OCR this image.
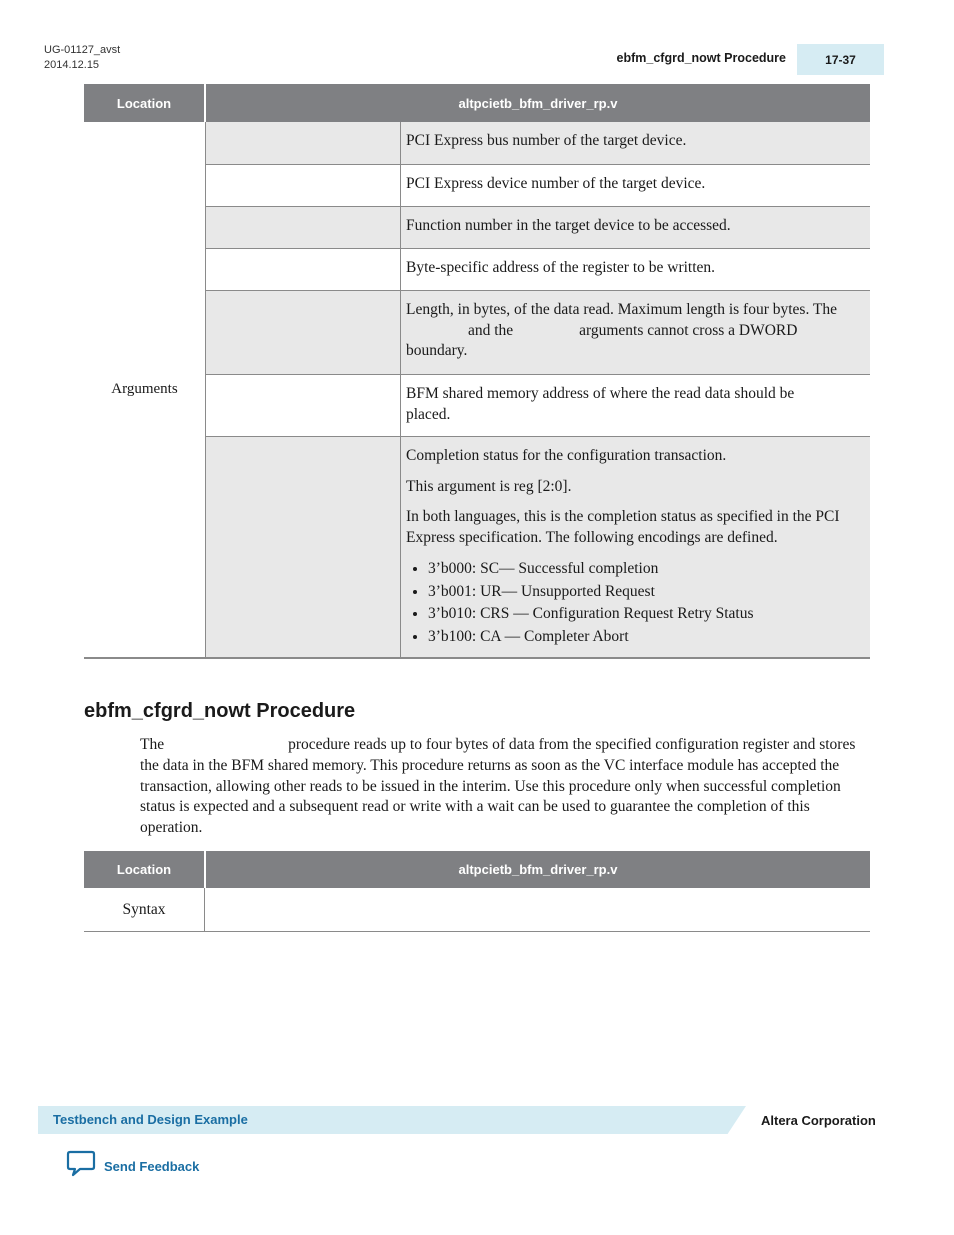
UG-01127_avst
2014.12.15	ebfm_cfgrd_nowt Procedure	17-37
Location	altpcietb_bfm_driver_rp.v
Arguments
PCI Express bus number of the target device.
PCI Express device number of the target device.
Function number in the target device to be accessed.
Byte-specific address of the register to be written.
Length, in bytes, of the data read. Maximum length is four bytes. The                 and the                 arguments cannot cross a DWORD boundary.
BFM shared memory address of where the read data should be placed.

Completion status for the configuration transaction.

This argument is reg [2:0].

In both languages, this is the completion status as specified in the PCI Express specification. The following encodings are defined.

• 3’b000: SC— Successful completion
• 3’b001: UR— Unsupported Request
• 3’b010: CRS — Configuration Request Retry Status
• 3’b100: CA — Completer Abort
ebfm_cfgrd_nowt Procedure

The                                procedure reads up to four bytes of data from the specified configuration register and stores the data in the BFM shared memory. This procedure returns as soon as the VC interface module has accepted the transaction, allowing other reads to be issued in the interim. Use this procedure only when successful completion status is expected and a subsequent read or write with a wait can be used to guarantee the completion of this operation.

Location	altpcietb_bfm_driver_rp.v
Syntax
Testbench and Design Example	Altera Corporation
Send Feedback
